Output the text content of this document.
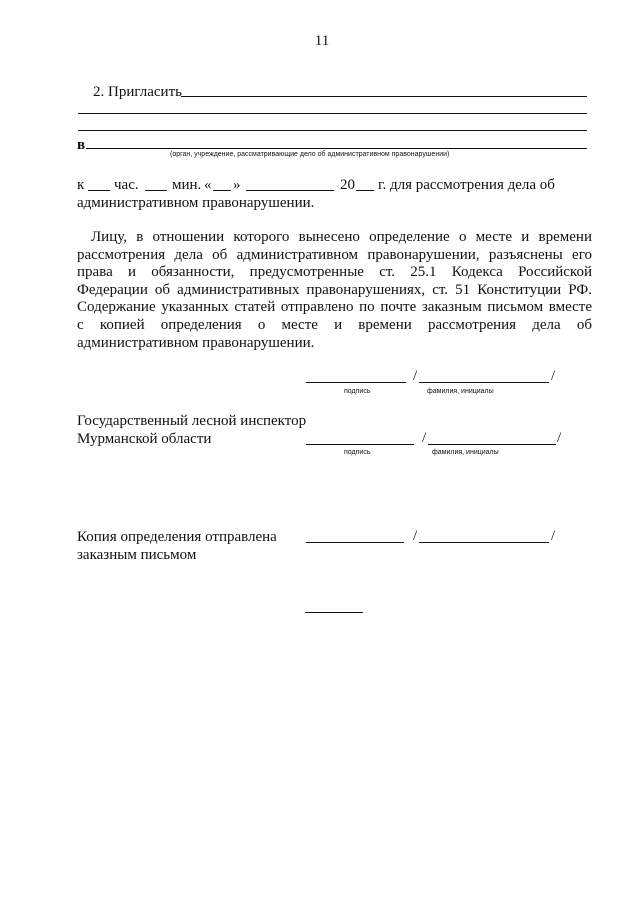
11
2. Пригласить
в
(орган, учреждение, рассматривающие дело об административном правонарушении)
к час. мин. « »	20 г. для рассмотрения дела об
административном правонарушении.
Лицу, в отношении которого вынесено определение о месте и времени
рассмотрения дела об административном правонарушении, разъяснены его
права и обязанности, предусмотренные ст. 25.1 Кодекса Российской
Федерации об административных правонарушениях, ст. 51 Конституции РФ.
Содержание указанных статей отправлено по почте заказным письмом вместе
с копией определения о месте и времени рассмотрения дела об
административном правонарушении.
/	/
подпись	фамилия, инициалы
Государственный лесной инспектор
Мурманской области	/	/
подпись	фамилия, инициалы
Копия определения отправлена
заказным письмом
/	/
